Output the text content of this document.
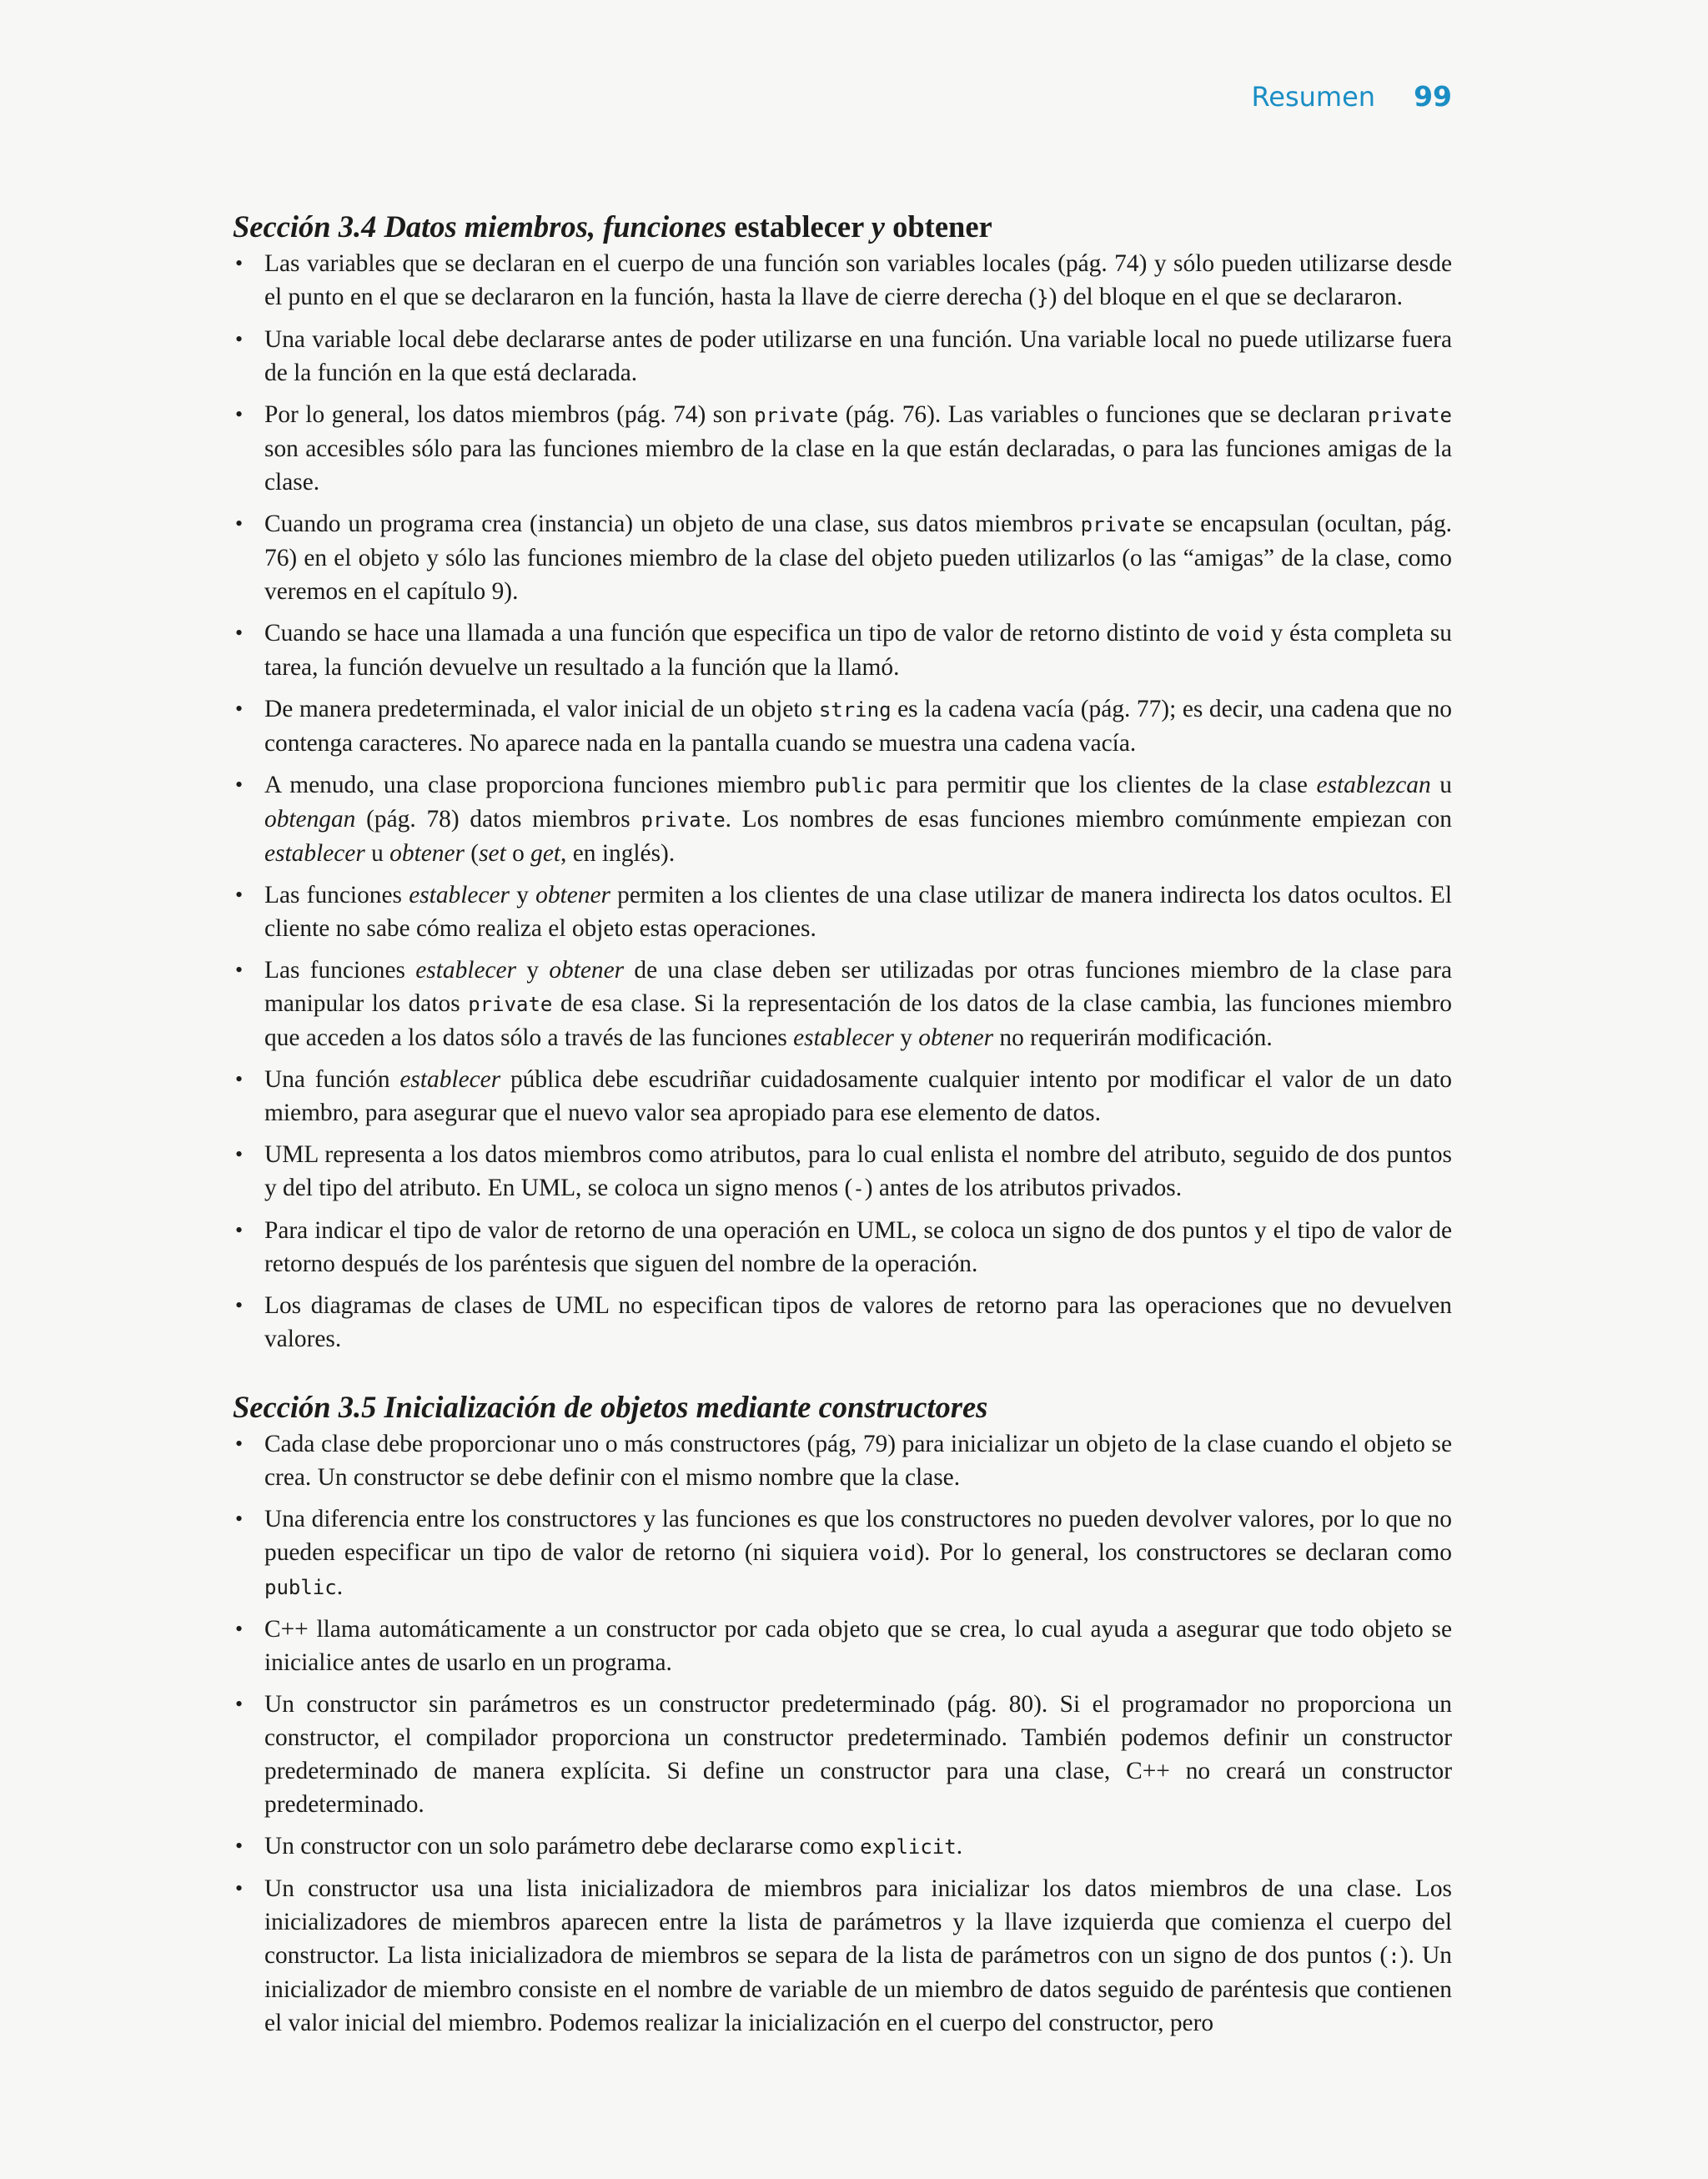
Resumen 99
Sección 3.4 Datos miembros, funciones establecer y obtener
• Las variables que se declaran en el cuerpo de una función son variables locales (pág. 74) y sólo pueden utilizarse desde el punto en el que se declararon en la función, hasta la llave de cierre derecha (}) del bloque en el que se declararon.
• Una variable local debe declararse antes de poder utilizarse en una función. Una variable local no puede utilizarse fuera de la función en la que está declarada.
• Por lo general, los datos miembros (pág. 74) son private (pág. 76). Las variables o funciones que se declaran private son accesibles sólo para las funciones miembro de la clase en la que están declaradas, o para las funciones amigas de la clase.
• Cuando un programa crea (instancia) un objeto de una clase, sus datos miembros private se encapsulan (ocultan, pág. 76) en el objeto y sólo las funciones miembro de la clase del objeto pueden utilizarlos (o las “amigas” de la clase, como veremos en el capítulo 9).
• Cuando se hace una llamada a una función que especifica un tipo de valor de retorno distinto de void y ésta completa su tarea, la función devuelve un resultado a la función que la llamó.
• De manera predeterminada, el valor inicial de un objeto string es la cadena vacía (pág. 77); es decir, una cadena que no contenga caracteres. No aparece nada en la pantalla cuando se muestra una cadena vacía.
• A menudo, una clase proporciona funciones miembro public para permitir que los clientes de la clase establezcan u obtengan (pág. 78) datos miembros private. Los nombres de esas funciones miembro comúnmente empiezan con establecer u obtener (set o get, en inglés).
• Las funciones establecer y obtener permiten a los clientes de una clase utilizar de manera indirecta los datos ocultos. El cliente no sabe cómo realiza el objeto estas operaciones.
• Las funciones establecer y obtener de una clase deben ser utilizadas por otras funciones miembro de la clase para manipular los datos private de esa clase. Si la representación de los datos de la clase cambia, las funciones miembro que acceden a los datos sólo a través de las funciones establecer y obtener no requerirán modificación.
• Una función establecer pública debe escudriñar cuidadosamente cualquier intento por modificar el valor de un dato miembro, para asegurar que el nuevo valor sea apropiado para ese elemento de datos.
• UML representa a los datos miembros como atributos, para lo cual enlista el nombre del atributo, seguido de dos puntos y del tipo del atributo. En UML, se coloca un signo menos (-) antes de los atributos privados.
• Para indicar el tipo de valor de retorno de una operación en UML, se coloca un signo de dos puntos y el tipo de valor de retorno después de los paréntesis que siguen del nombre de la operación.
• Los diagramas de clases de UML no especifican tipos de valores de retorno para las operaciones que no devuelven valores.
Sección 3.5 Inicialización de objetos mediante constructores
• Cada clase debe proporcionar uno o más constructores (pág, 79) para inicializar un objeto de la clase cuando el objeto se crea. Un constructor se debe definir con el mismo nombre que la clase.
• Una diferencia entre los constructores y las funciones es que los constructores no pueden devolver valores, por lo que no pueden especificar un tipo de valor de retorno (ni siquiera void). Por lo general, los constructores se declaran como public.
• C++ llama automáticamente a un constructor por cada objeto que se crea, lo cual ayuda a asegurar que todo objeto se inicialice antes de usarlo en un programa.
• Un constructor sin parámetros es un constructor predeterminado (pág. 80). Si el programador no proporciona un constructor, el compilador proporciona un constructor predeterminado. También podemos definir un constructor predeterminado de manera explícita. Si define un constructor para una clase, C++ no creará un constructor predeterminado.
• Un constructor con un solo parámetro debe declararse como explicit.
• Un constructor usa una lista inicializadora de miembros para inicializar los datos miembros de una clase. Los inicializadores de miembros aparecen entre la lista de parámetros y la llave izquierda que comienza el cuerpo del constructor. La lista inicializadora de miembros se separa de la lista de parámetros con un signo de dos puntos (:). Un inicializador de miembro consiste en el nombre de variable de un miembro de datos seguido de paréntesis que contienen el valor inicial del miembro. Podemos realizar la inicialización en el cuerpo del constructor, pero
